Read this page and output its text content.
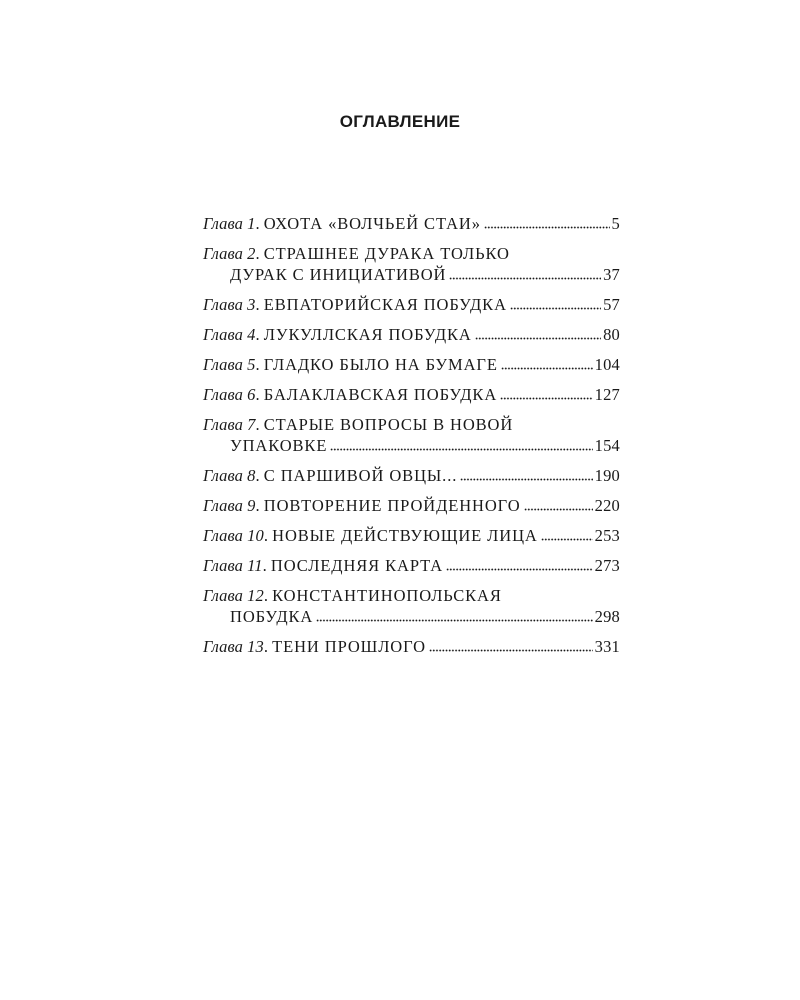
ОГЛАВЛЕНИЕ
Глава 1 . ОХОТА «ВОЛЧЬЕЙ СТАИ»	5
Глава 2 . СТРАШНЕЕ ДУРАКА ТОЛЬКО
ДУРАК С ИНИЦИАТИВОЙ	37
Глава 3 . ЕВПАТОРИЙСКАЯ ПОБУДКА	57
Глава 4 . ЛУКУЛЛСКАЯ ПОБУДКА	80
Глава 5 . ГЛАДКО БЫЛО НА БУМАГЕ	104
Глава 6 . БАЛАКЛАВСКАЯ ПОБУДКА	127
Глава 7 . СТАРЫЕ ВОПРОСЫ В НОВОЙ
УПАКОВКЕ	154
Глава 8 . С ПАРШИВОЙ ОВЦЫ...	190
Глава 9 . ПОВТОРЕНИЕ ПРОЙДЕННОГО	220
Глава 10 . НОВЫЕ ДЕЙСТВУЮЩИЕ ЛИЦА	253
Глава 11 . ПОСЛЕДНЯЯ КАРТА	273
Глава 12 . КОНСТАНТИНОПОЛЬСКАЯ
ПОБУДКА	298
Глава 13 . ТЕНИ ПРОШЛОГО	331
